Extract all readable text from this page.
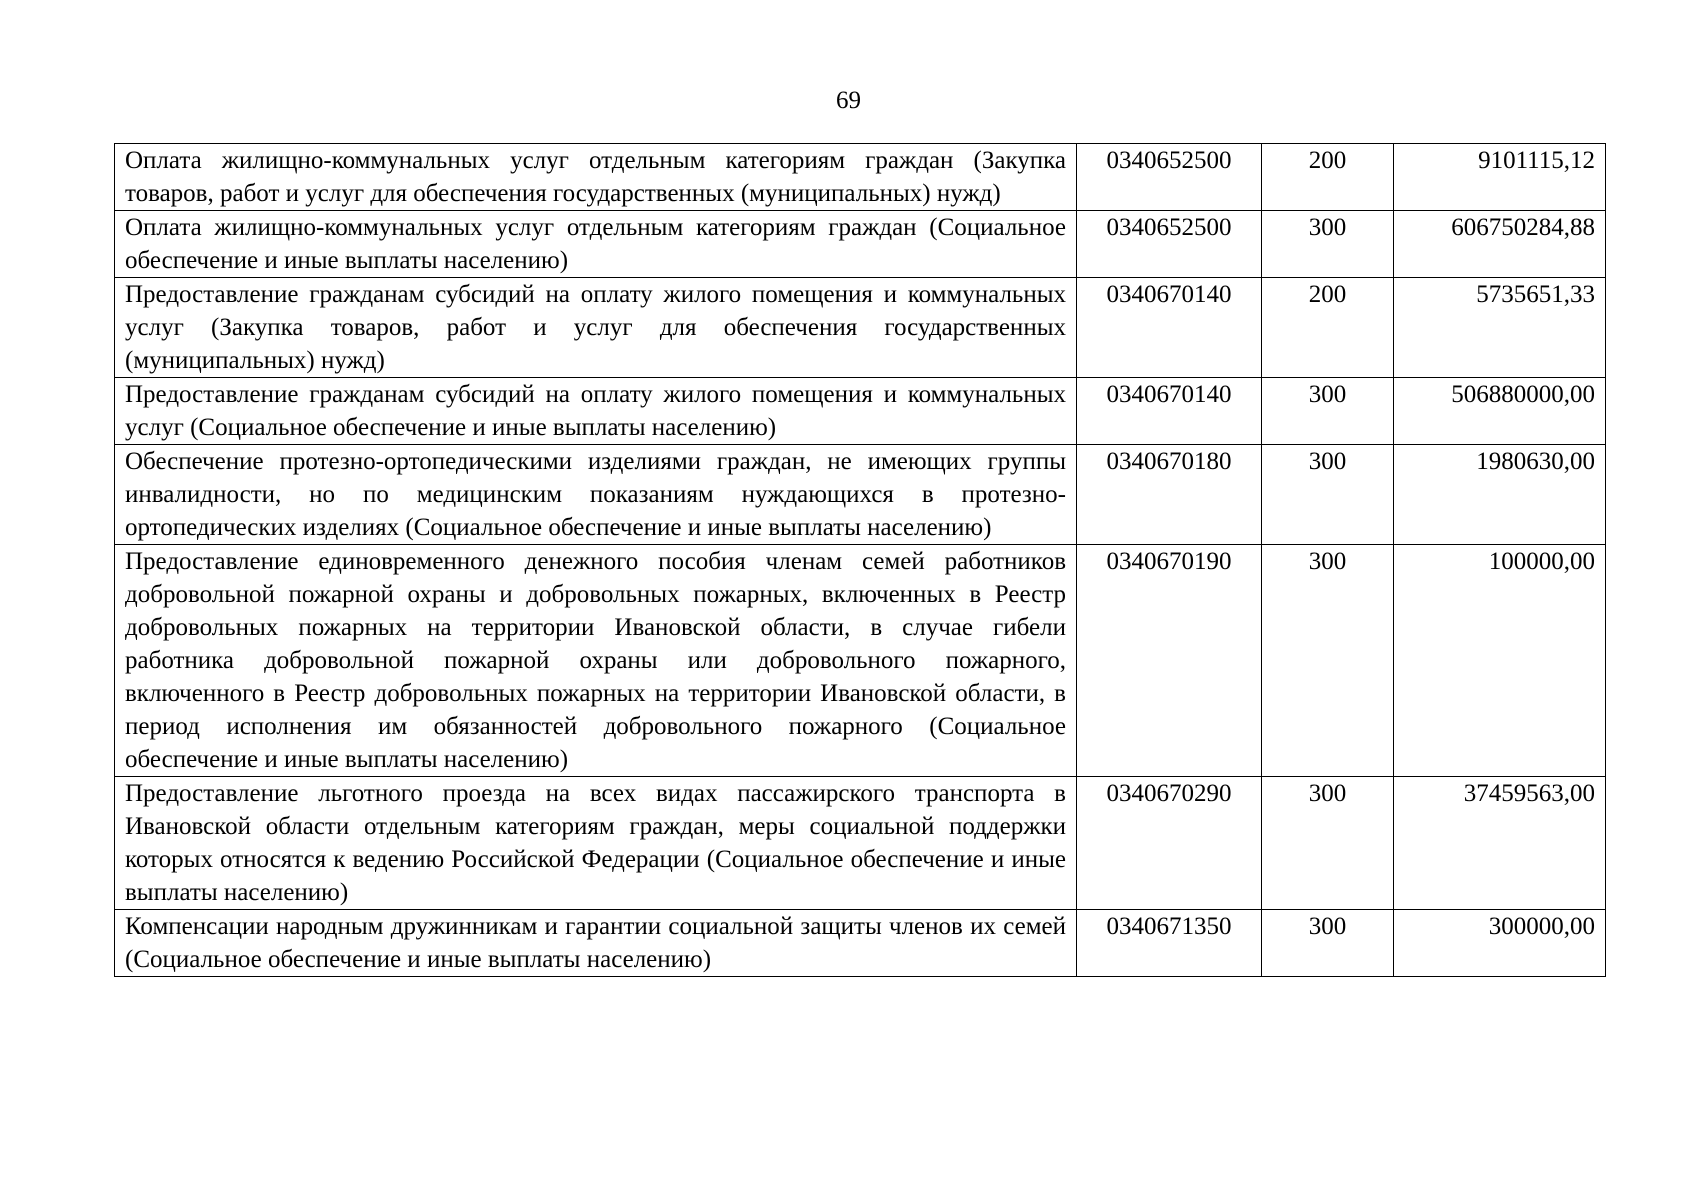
69
Оплата жилищно-коммунальных услуг отдельным категориям граждан (Закупка товаров, работ и услуг для обеспечения государственных (муниципальных) нужд)	0340652500	200	9101115,12
Оплата жилищно-коммунальных услуг отдельным категориям граждан (Социальное обеспечение и иные выплаты населению)	0340652500	300	606750284,88
Предоставление гражданам субсидий на оплату жилого помещения и коммунальных услуг (Закупка товаров, работ и услуг для обеспечения государственных (муниципальных) нужд)	0340670140	200	5735651,33
Предоставление гражданам субсидий на оплату жилого помещения и коммунальных услуг (Социальное обеспечение и иные выплаты населению)	0340670140	300	506880000,00
Обеспечение протезно-ортопедическими изделиями граждан, не имеющих группы инвалидности, но по медицинским показаниям нуждающихся в протезно-ортопедических изделиях (Социальное обеспечение и иные выплаты населению)	0340670180	300	1980630,00
Предоставление единовременного денежного пособия членам семей работников добровольной пожарной охраны и добровольных пожарных, включенных в Реестр добровольных пожарных на территории Ивановской области, в случае гибели работника добровольной пожарной охраны или добровольного пожарного, включенного в Реестр добровольных пожарных на территории Ивановской области, в период исполнения им обязанностей добровольного пожарного (Социальное обеспечение и иные выплаты населению)	0340670190	300	100000,00
Предоставление льготного проезда на всех видах пассажирского транспорта в Ивановской области отдельным категориям граждан, меры социальной поддержки которых относятся к ведению Российской Федерации (Социальное обеспечение и иные выплаты населению)	0340670290	300	37459563,00
Компенсации народным дружинникам и гарантии социальной защиты членов их семей (Социальное обеспечение и иные выплаты населению)	0340671350	300	300000,00
